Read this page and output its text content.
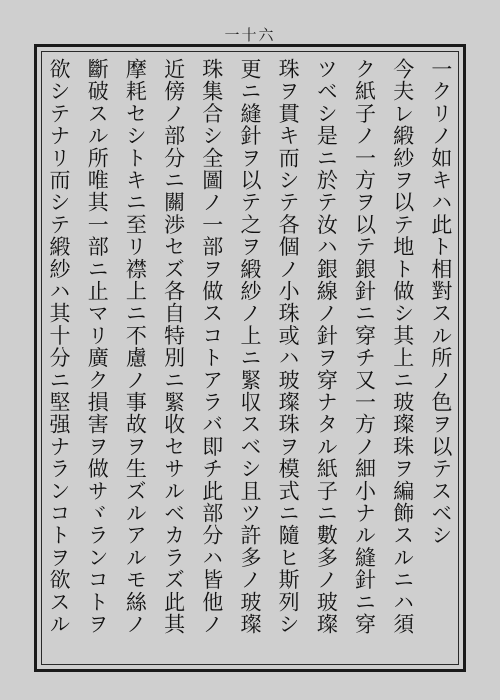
一十六
一クリノ如キハ此ト相對スル所ノ色ヲ以テスベシ
今夫レ緞紗ヲ以テ地ト做シ其上ニ玻璨珠ヲ編飾スルニハ須
ク紙子ノ一方ヲ以テ銀針ニ穿チ又一方ノ細小ナル縫針ニ穿
ツベシ是ニ於テ汝ハ銀線ノ針ヲ穿ナタル紙子ニ數多ノ玻璨
珠ヲ貫キ而シテ各個ノ小珠或ハ玻璨珠ヲ模式ニ隨ヒ斯列シ
更ニ縫針ヲ以テ之ヲ緞紗ノ上ニ緊収スベシ且ツ許多ノ玻璨
珠集合シ全圖ノ一部ヲ做スコトアラバ即チ此部分ハ皆他ノ
近傍ノ部分ニ關渉セズ各自特別ニ緊收セサルベカラズ此其
摩耗セシトキニ至リ襟上ニ不慮ノ事故ヲ生ズルアルモ絲ノ
斷破スル所唯其一部ニ止マリ廣ク損害ヲ做サヾランコトヲ
欲シテナリ而シテ緞紗ハ其十分ニ堅强ナランコトヲ欲スル
